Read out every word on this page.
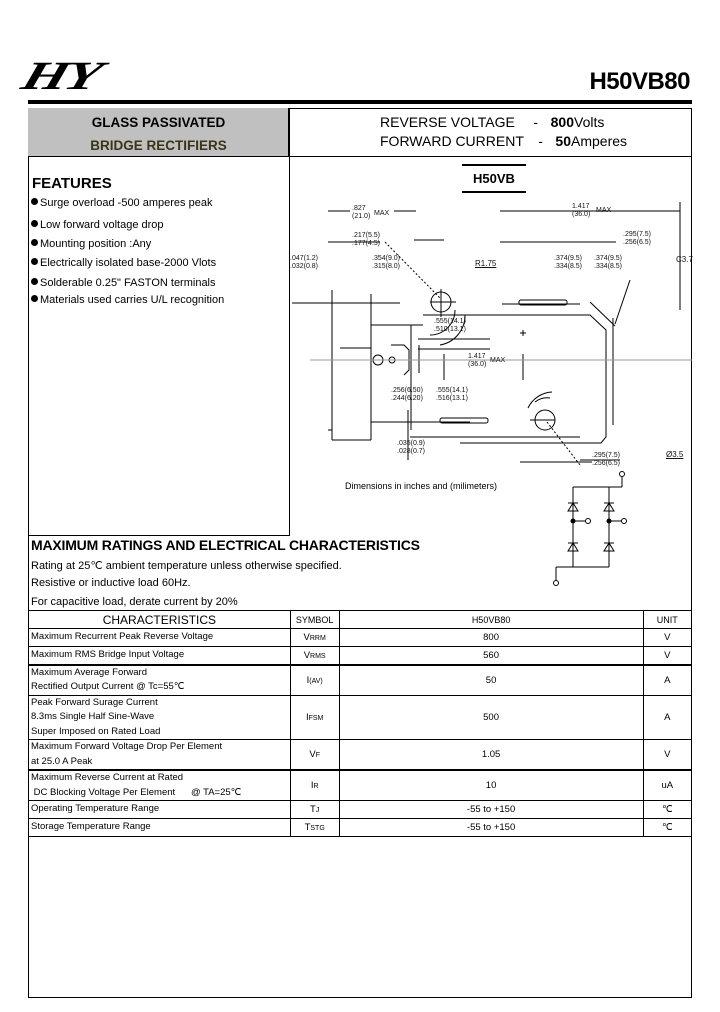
HY	H50VB80
GLASS PASSIVATED
BRIDGE RECTIFIERS
REVERSE VOLTAGE - 800Volts
FORWARD CURRENT - 50Amperes
FEATURES
Surge overload -500 amperes peak
Low forward voltage drop
Mounting position :Any
Electrically isolated base-2000 Vlots
Solderable 0.25" FASTON terminals
Materials used carries U/L recognition
H50VB
.827
(21.0) MAX
.217(5.5)
.177(4.5)
.047(1.2)
.032(0.8)
.354(9.0)
.315(8.0)
.555(14.1)
.510(13.1)
1.417
(36.0)
MAX
.256(6.50)
.244(6.20)
.555(14.1)
.516(13.1)
.035(0.9)
.028(0.7)
1.417
(36.0)
MAX
.295(7.5)
.256(6.5)
.374(9.5)
.334(8.5)
.374(9.5)
.334(8.5)
R1.75	C3.7
Ø3.5
.295(7.5)
.256(6.5)
Dimensions in inches and (milimeters)
MAXIMUM RATINGS AND ELECTRICAL CHARACTERISTICS
Rating at 25℃ ambient temperature unless otherwise specified.
Resistive or inductive load 60Hz.
For capacitive load, derate current by 20%
CHARACTERISTICS	SYMBOL	H50VB80	UNIT

Maximum Recurrent Peak Reverse Voltage	VRRM	800	V

Maximum RMS Bridge Input Voltage	VRMS	560	V

Maximum Average Forward
Rectified Output Current @ Tc=55℃	I(AV)	50	A

Peak Forward Surage Current
8.3ms Single Half Sine-Wave
Super Imposed on Rated Load	IFSM	500	A

Maximum Forward Voltage Drop Per Element
at 25.0 A Peak	VF	1.05	V

Maximum Reverse Current at Rated
DC Blocking Voltage Per Element      @ TA=25℃	IR	10	uA

Operating Temperature Range	TJ	-55 to +150	℃

Storage Temperature Range	TSTG	-55 to +150	℃
